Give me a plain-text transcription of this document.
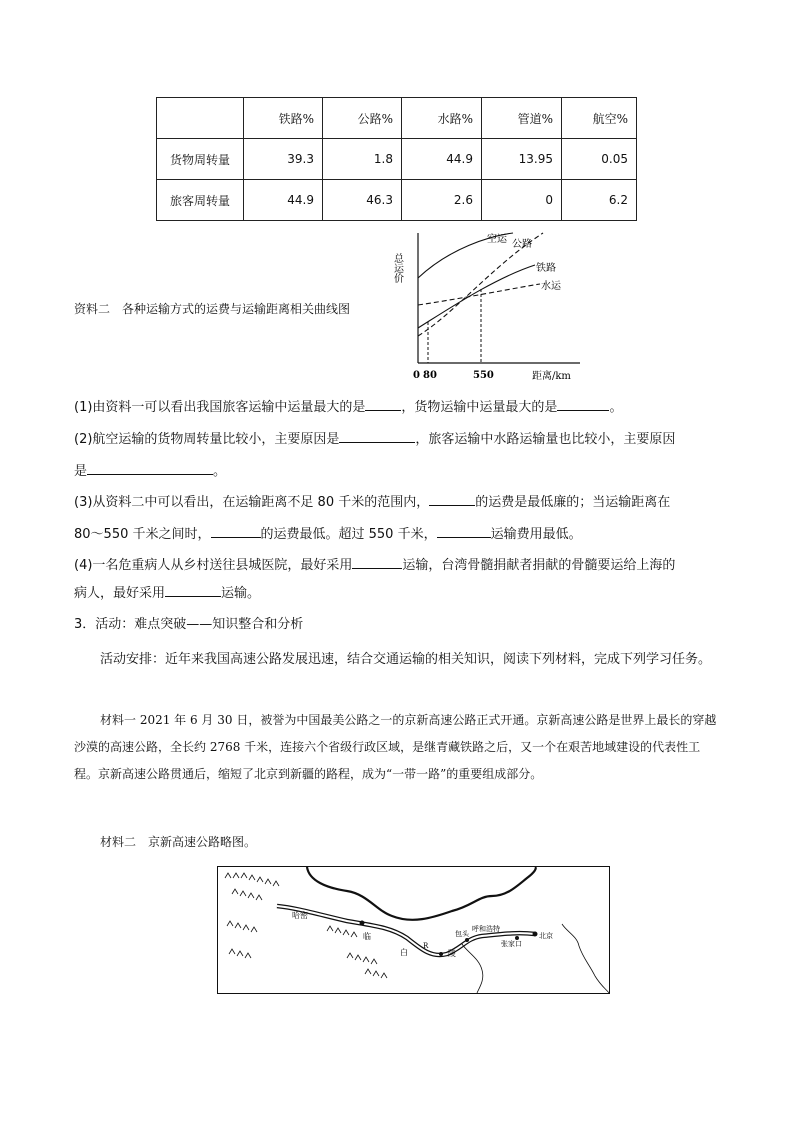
	铁路%	公路%	水路%	管道%	航空%
货物周转量	39.3	1.8	44.9	13.95	0.05
旅客周转量	44.9	46.3	2.6	0	6.2
资料二　各种运输方式的运费与运输距离相关曲线图
总运价
空运 公路
铁路
水运
0 80	550	距离/km
(1)由资料一可以看出我国旅客运输中运量最大的是	，货物运输中运量最大的是	。
(2)航空运输的货物周转量比较小，主要原因是	，旅客运输中水路运输量也比较小，主要原因
是	。
(3)从资料二中可以看出，在运输距离不足 80 千米的范围内，	的运费是最低廉的；当运输距离在
80～550 千米之间时，	的运费最低。超过 550 千米，	运输费用最低。
(4)一名危重病人从乡村送往县城医院，最好采用	运输，台湾骨髓捐献者捐献的骨髓要运给上海的
病人，最好采用	运输。
3．活动：难点突破——知识整合和分析
活动安排：近年来我国高速公路发展迅速，结合交通运输的相关知识，阅读下列材料，完成下列学习任务。
材料一 2021 年 6 月 30 日，被誉为中国最美公路之一的京新高速公路正式开通。京新高速公路是世界上最长的穿越沙漠的高速公路，全长约 2768 千米，连接六个省级行政区域，是继青藏铁路之后，又一个在艰苦地域建设的代表性工程。京新高速公路贯通后，缩短了北京到新疆的路程，成为“一带一路”的重要组成部分。
材料二　京新高速公路略图。
哈密
临
白
R
陵
包头
呼和浩特
张家口
北京
